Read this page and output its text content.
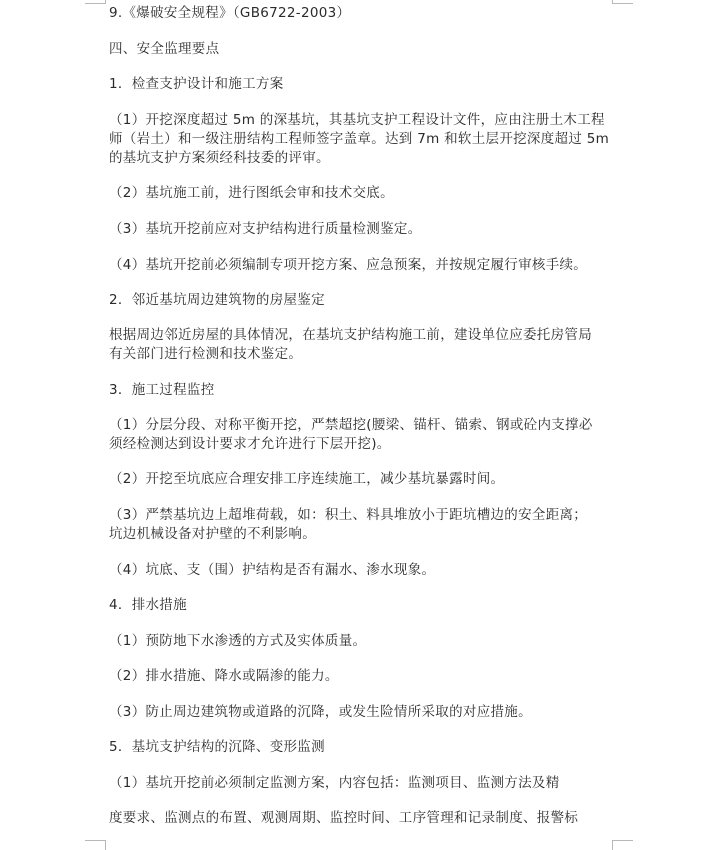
9.《爆破安全规程》（GB6722-2003）
四、安全监理要点
1．检查支护设计和施工方案
（1）开挖深度超过 5m 的深基坑，其基坑支护工程设计文件，应由注册土木工程
师（岩土）和一级注册结构工程师签字盖章。达到 7m 和软土层开挖深度超过 5m
的基坑支护方案须经科技委的评审。
（2）基坑施工前，进行图纸会审和技术交底。
（3）基坑开挖前应对支护结构进行质量检测鉴定。
（4）基坑开挖前必须编制专项开挖方案、应急预案，并按规定履行审核手续。
2．邻近基坑周边建筑物的房屋鉴定
根据周边邻近房屋的具体情况，在基坑支护结构施工前，建设单位应委托房管局
有关部门进行检测和技术鉴定。
3．施工过程监控
（1）分层分段、对称平衡开挖，严禁超挖(腰梁、锚杆、锚索、钢或砼内支撑必
须经检测达到设计要求才允许进行下层开挖)。
（2）开挖至坑底应合理安排工序连续施工，减少基坑暴露时间。
（3）严禁基坑边上超堆荷载，如：积土、料具堆放小于距坑槽边的安全距离；
坑边机械设备对护壁的不利影响。
（4）坑底、支（围）护结构是否有漏水、渗水现象。
4．排水措施
（1）预防地下水渗透的方式及实体质量。
（2）排水措施、降水或隔渗的能力。
（3）防止周边建筑物或道路的沉降，或发生险情所采取的对应措施。
5．基坑支护结构的沉降、变形监测
（1）基坑开挖前必须制定监测方案，内容包括：监测项目、监测方法及精
度要求、监测点的布置、观测周期、监控时间、工序管理和记录制度、报警标
